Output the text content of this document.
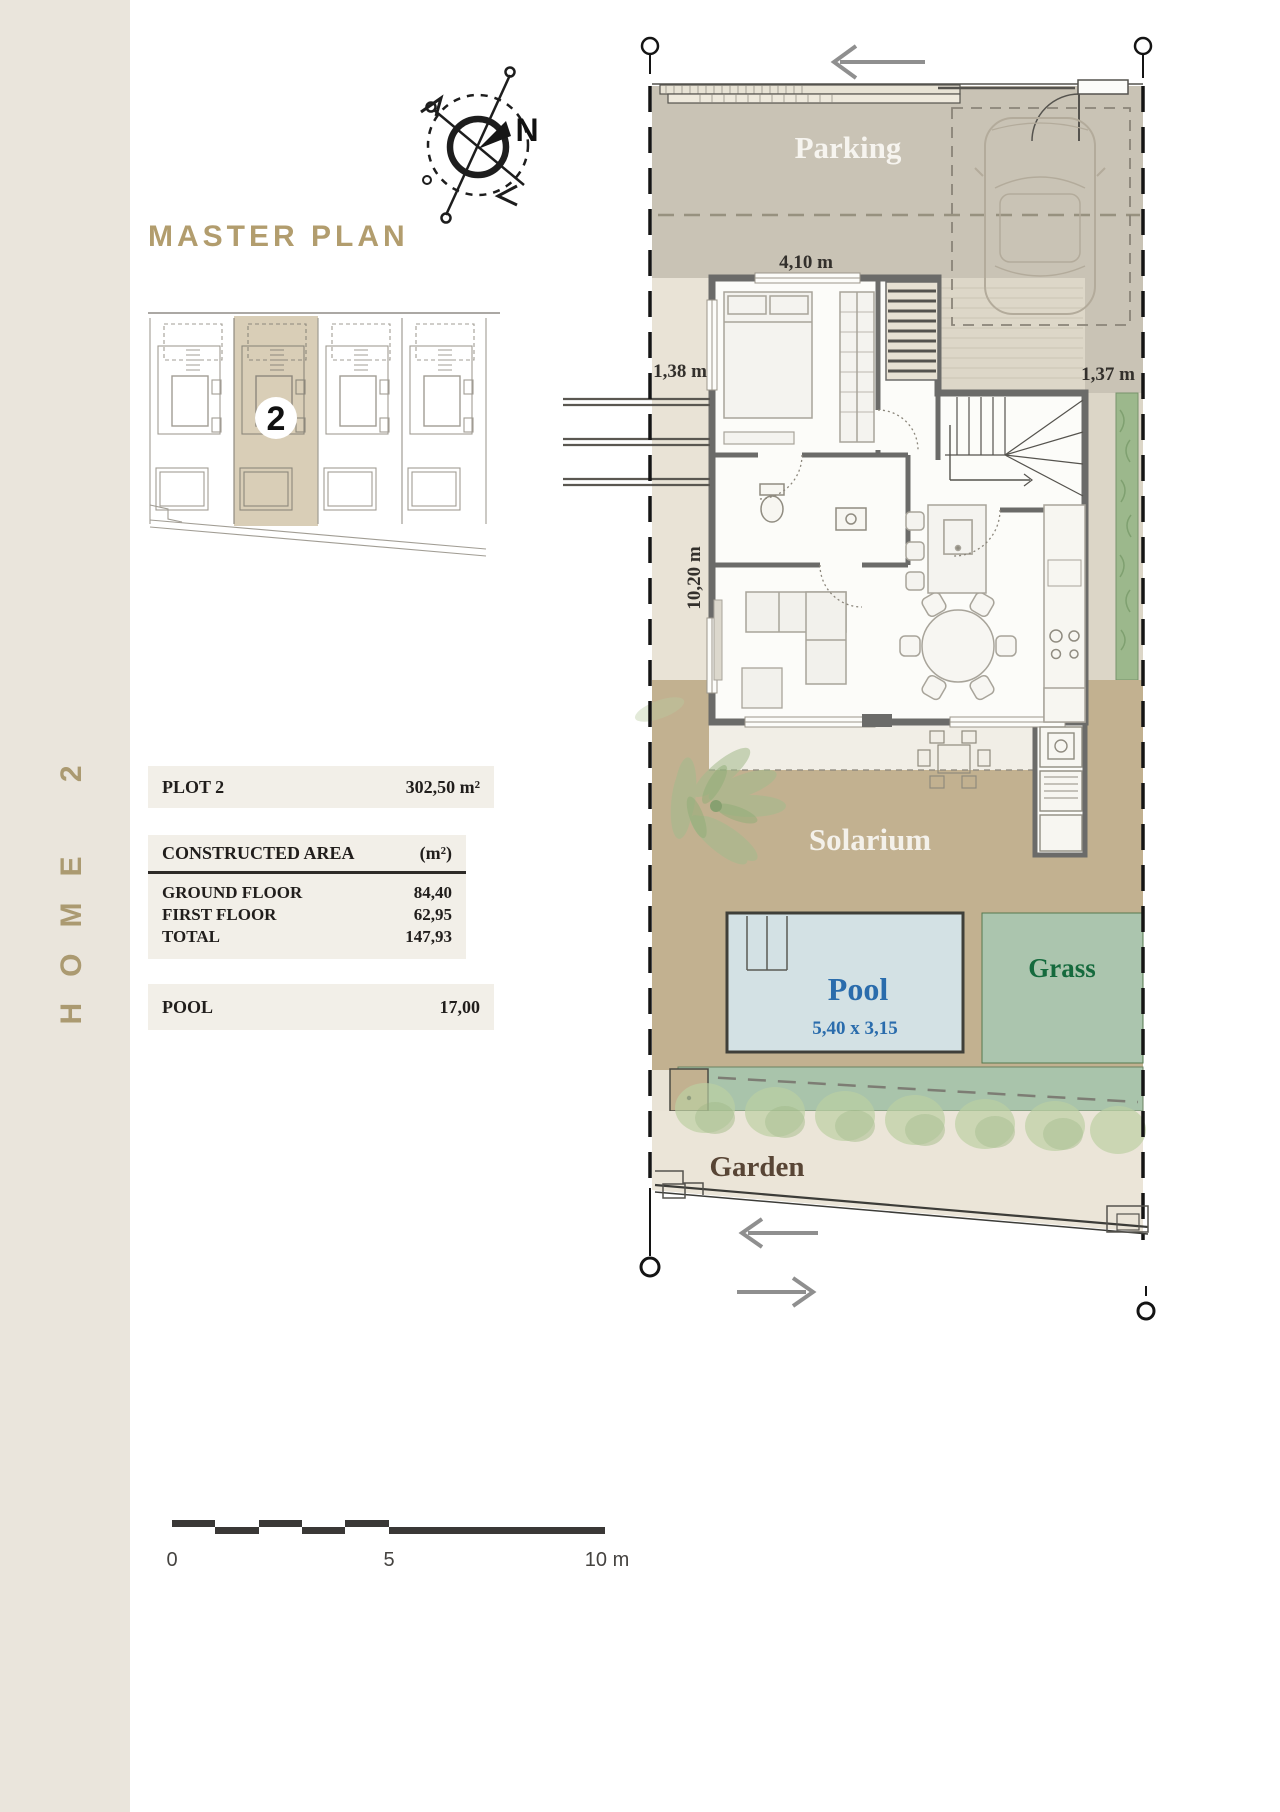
HOME 2
MASTER PLAN
PLOT 2	302,50 m²
CONSTRUCTED AREA	(m²)
GROUND FLOOR	84,40
FIRST FLOOR	62,95
TOTAL	147,93
POOL	17,00
N
2
Pool
5,40 x 3,15
Parking
Solarium
Grass
Garden
4,10 m
1,38 m	1,37 m
10,20 m
0	5	10 m
